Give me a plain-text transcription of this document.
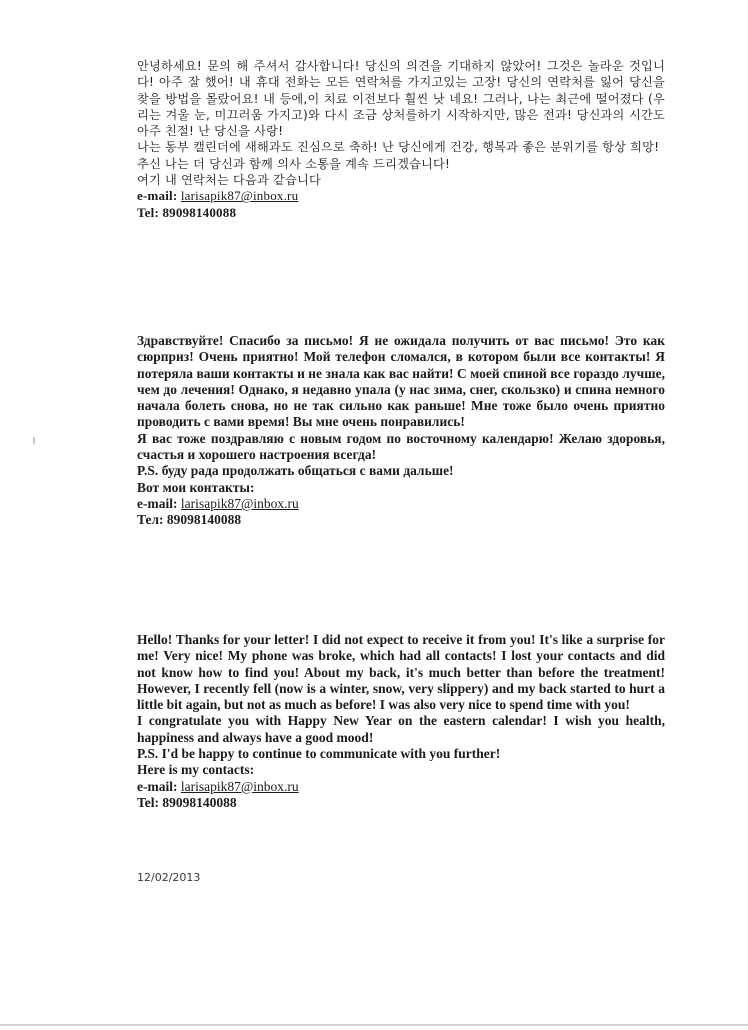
안녕하세요! 문의 해 주셔서 감사합니다! 당신의 의견을 기대하지 않았어! 그것은 놀라운 것입니다! 아주 잘 했어! 내 휴대 전화는 모든 연락처를 가지고있는 고장! 당신의 연락처를 잃어 당신을 찾을 방법을 몰랐어요! 내 등에,이 치료 이전보다 훨씬 낫 네요! 그러나, 나는 최근에 떨어졌다 (우리는 겨울 눈, 미끄러움 가지고)와 다시 조금 상처를하기 시작하지만, 많은 전과! 당신과의 시간도 아주 친절! 난 당신을 사랑!

나는 동부 캘린더에 새해과도 진심으로 축하! 난 당신에게 건강, 행복과 좋은 분위기를 항상 희망!

추신 나는 더 당신과 함께 의사 소통을 계속 드리겠습니다!

여기 내 연락처는 다음과 같습니다

e-mail: larisapik87@inbox.ru

Tel: 89098140088

Здравствуйте! Спасибо за письмо! Я не ожидала получить от вас письмо! Это как сюрприз! Очень приятно! Мой телефон сломался, в котором были все контакты! Я потеряла ваши контакты и не знала как вас найти! С моей спиной все гораздо лучше, чем до лечения! Однако, я недавно упала (у нас зима, снег, скользко) и спина немного начала болеть снова, но не так сильно как раньше! Мне тоже было очень приятно проводить с вами время! Вы мне очень понравились!

Я вас тоже поздравляю с новым годом по восточному календарю! Желаю здоровья, счастья и хорошего настроения всегда!

P.S. буду рада продолжать общаться с вами дальше!

Вот мои контакты:

e-mail: larisapik87@inbox.ru

Тел: 89098140088

Hello! Thanks for your letter! I did not expect to receive it from you! It's like a surprise for me! Very nice! My phone was broke, which had all contacts! I lost your contacts and did not know how to find you! About my back, it's much better than before the treatment! However, I recently fell (now is a winter, snow, very slippery) and my back started to hurt a little bit again, but not as much as before! I was also very nice to spend time with you!

I congratulate you with Happy New Year on the eastern calendar! I wish you health, happiness and always have a good mood!

P.S. I'd be happy to continue to communicate with you further!

Here is my contacts:

e-mail: larisapik87@inbox.ru

Tel: 89098140088

12/02/2013
